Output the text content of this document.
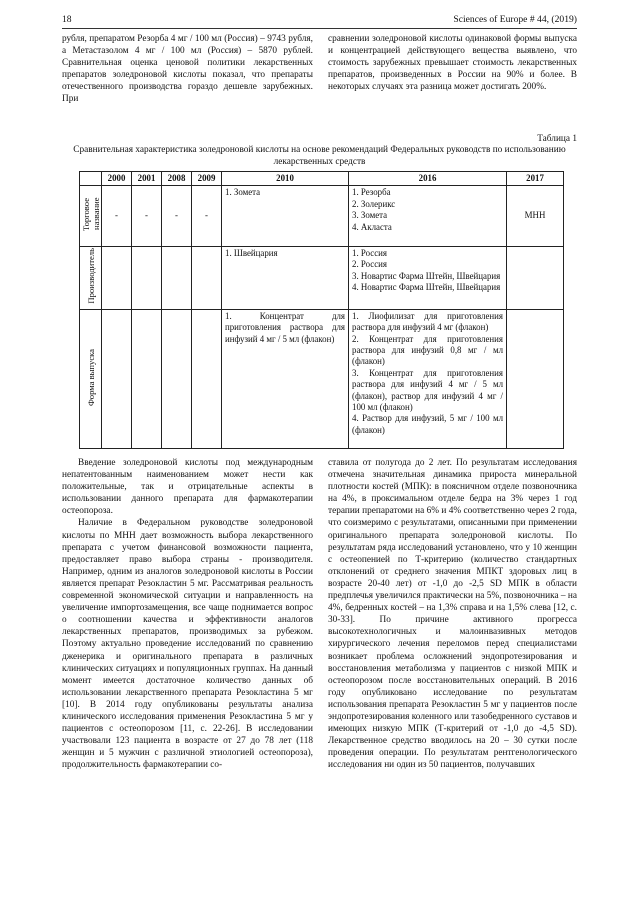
18	Sciences of Europe # 44, (2019)

рубля, препаратом Резорба 4 мг / 100 мл (Россия) – 9743 рубля, а Метастазолом 4 мг / 100 мл (Россия) – 5870 рублей. Сравнительная оценка ценовой политики лекарственных препаратов золедроновой кислоты показал, что препараты отечественного производства гораздо дешевле зарубежных. При

сравнении золедроновой кислоты одинаковой формы выпуска и концентрацией действующего вещества выявлено, что стоимость зарубежных превышает стоимость лекарственных препаратов, произведенных в России на 90% и более. В некоторых случаях эта разница может достигать 200%.

Таблица 1
Сравнительная характеристика золедроновой кислоты на основе рекомендаций Федеральных руководств по использованию лекарственных средств
	2000	2001	2008	2009	2010	2016	2017
Торговое название	-	-	-	-	1. Зомета	1. Резорба
2. Золерикс
3. Зомета
4. Акласта	МНН
Производитель					1. Швейцария	1. Россия
2. Россия
3. Новартис Фарма Штейн, Швейцария
4. Новартис Фарма Штейн, Швейцария	

Форма выпуска					1. Концентрат для приготовления раствора для инфузий 4 мг / 5 мл (флакон)	1. Лиофилизат для приготовления раствора для инфузий 4 мг (флакон)
2. Концентрат для приготовления раствора для инфузий 0,8 мг / мл (флакон)
3. Концентрат для приготовления раствора для инфузий 4 мг / 5 мл (флакон), раствор для инфузий 4 мг / 100 мл (флакон)
4. Раствор для инфузий, 5 мг / 100 мл (флакон)	

Введение золедроновой кислоты под международным непатентованным наименованием может нести как положительные, так и отрицательные аспекты в использовании данного препарата для фармакотерапии остеопороза.

Наличие в Федеральном руководстве золедроновой кислоты по МНН дает возможность выбора лекарственного препарата с учетом финансовой возможности пациента, предоставляет право выбора страны - производителя. Например, одним из аналогов золедроновой кислоты в России является препарат Резокластин 5 мг. Рассматривая реальность современной экономической ситуации и направленность на увеличение импортозамещения, все чаще поднимается вопрос о соотношении качества и эффективности аналогов лекарственных препаратов, производимых за рубежом. Поэтому актуально проведение исследований по сравнению дженерика и оригинального препарата в различных клинических ситуациях и популяционных группах. На данный момент имеется достаточное количество данных об использовании лекарственного препарата Резокластина 5 мг [10]. В 2014 году опубликованы результаты анализа клинического исследования применения Резокластина 5 мг у пациентов с остеопорозом [11, с. 22-26]. В исследовании участвовали 123 пациента в возрасте от 27 до 78 лет (118 женщин и 5 мужчин с различной этиологией остеопороза), продолжительность фармакотерапии со-

ставила от полугода до 2 лет. По результатам исследования отмечена значительная динамика прироста минеральной плотности костей (МПК): в поясничном отделе позвоночника на 4%, в проксимальном отделе бедра на 3% через 1 год терапии препаратоми на 6% и 4% соответственно через 2 года, что соизмеримо с результатами, описанными при применении оригинального препарата золедроновой кислоты. По результатам ряда исследований установлено, что у 10 женщин с остеопенией по Т-критерию (количество стандартных отклонений от среднего значения МПКТ здоровых лиц в возрасте 20-40 лет) от -1,0 до -2,5 SD МПК в области предплечья увеличился практически на 5%, позвоночника – на 4%, бедренных костей – на 1,3% справа и на 1,5% слева [12, с. 30-33]. По причине активного прогресса высокотехнологичных и малоинвазивных методов хирургического лечения переломов перед специалистами возникает проблема осложнений эндопротезирования и восстановления метаболизма у пациентов с низкой МПК и остеопорозом после восстановительных операций. В 2016 году опубликовано исследование по результатам использования препарата Резокластин 5 мг у пациентов после эндопротезирования коленного или тазобедренного суставов и имеющих низкую МПК (Т-критерий от -1,0 до -4,5 SD). Лекарственное средство вводилось на 20 – 30 сутки после проведения операции. По результатам рентгенологического исследования ни один из 50 пациентов, получавших
